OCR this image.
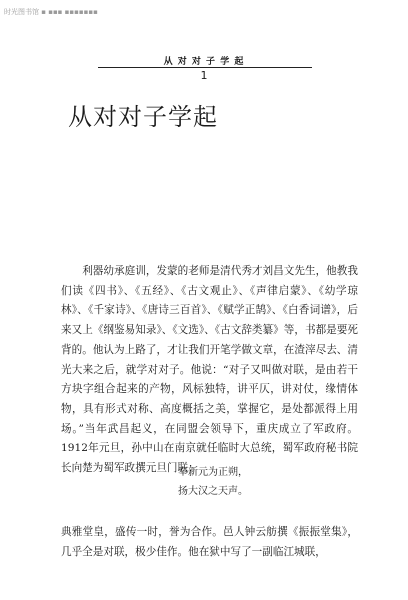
时光图书馆 ▪ ▪▪▪ ▪▪▪▪▪▪▪
从 对 对 子 学 起
1
从对对子学起

利器幼承庭训，发蒙的老师是清代秀才刘昌文先生，他教我们读《四书》、《五经》、《古文观止》、《声律启蒙》、《幼学琼林》、《千家诗》、《唐诗三百首》、《赋学正鹄》、《白香词谱》，后来又上《纲鉴易知录》、《文选》、《古文辞类纂》等，书都是要死背的。他认为上路了，才让我们开笔学做文章，在渣滓尽去、清光大来之后，就学对对子。他说：“对子又叫做对联，是由若干方块字组合起来的产物，风标独特，讲平仄，讲对仗，缘情体物，具有形式对称、高度概括之美，掌握它，是处都派得上用场。”当年武昌起义，在同盟会领导下，重庆成立了军政府。1912年元旦，孙中山在南京就任临时大总统，蜀军政府秘书院长向楚为蜀军政撰元旦门联：

奉新元为正朔，
扬大汉之天声。

典雅堂皇，盛传一时，誉为合作。邑人钟云舫撰《振振堂集》，几乎全是对联，极少佳作。他在狱中写了一副临江城联，
